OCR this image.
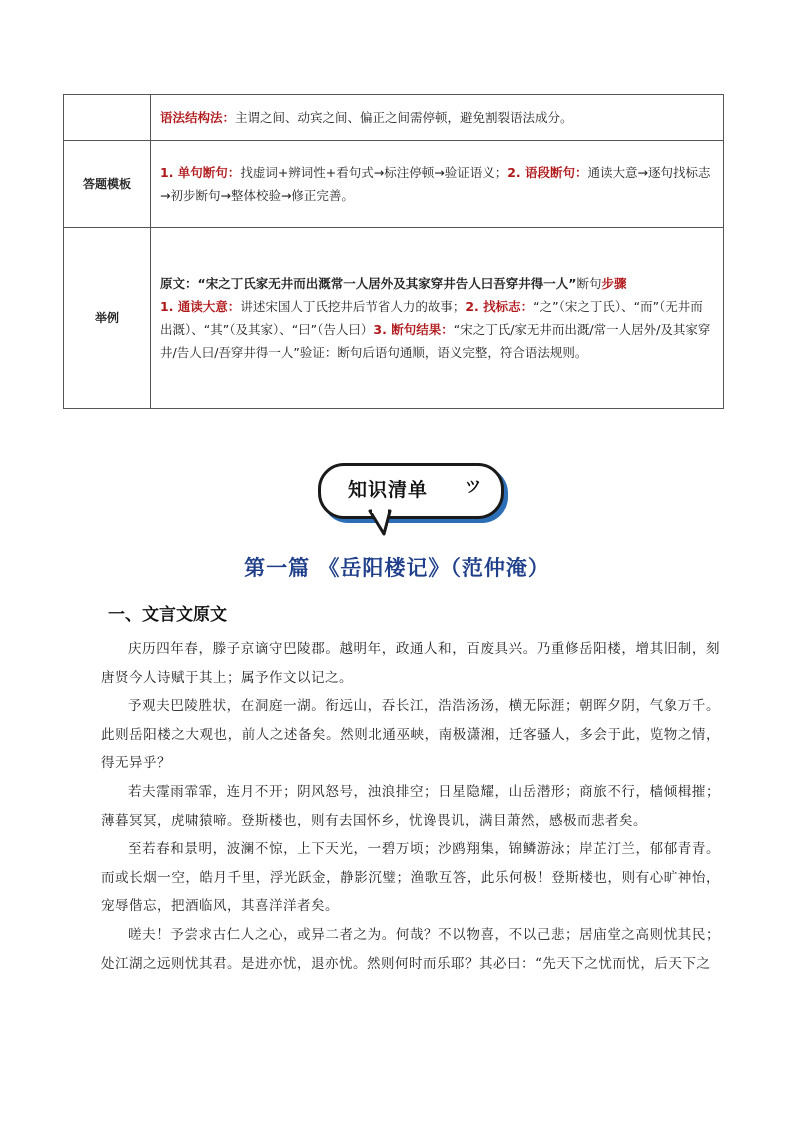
	语法结构法：主谓之间、动宾之间、偏正之间需停顿，避免割裂语法成分。
答题模板	1. 单句断句：找虚词+辨词性+看句式→标注停顿→验证语义；2. 语段断句：通读大意→逐句找标志→初步断句→整体校验→修正完善。
举例	原文：“宋之丁氏家无井而出溉常一人居外及其家穿井告人曰吾穿井得一人”断句步骤
1. 通读大意：讲述宋国人丁氏挖井后节省人力的故事；2. 找标志：“之”（宋之丁氏）、“而”（无井而出溉）、“其”（及其家）、“曰”（告人曰）3. 断句结果：“宋之丁氏/家无井而出溉/常一人居外/及其家穿井/告人曰/吾穿井得一人”验证：断句后语句通顺，语义完整，符合语法规则。
知识清单 ツ
第一篇 《岳阳楼记》（范仲淹）
一、文言文原文

庆历四年春，滕子京谪守巴陵郡。越明年，政通人和，百废具兴。乃重修岳阳楼，增其旧制，刻唐贤今人诗赋于其上；属予作文以记之。

予观夫巴陵胜状，在洞庭一湖。衔远山，吞长江，浩浩汤汤，横无际涯；朝晖夕阴，气象万千。此则岳阳楼之大观也，前人之述备矣。然则北通巫峡，南极潇湘，迁客骚人，多会于此，览物之情，得无异乎？

若夫霪雨霏霏，连月不开；阴风怒号，浊浪排空；日星隐耀，山岳潜形；商旅不行，樯倾楫摧；薄暮冥冥，虎啸猿啼。登斯楼也，则有去国怀乡，忧谗畏讥，满目萧然，感极而悲者矣。

至若春和景明，波澜不惊，上下天光，一碧万顷；沙鸥翔集，锦鳞游泳；岸芷汀兰，郁郁青青。而或长烟一空，皓月千里，浮光跃金，静影沉璧；渔歌互答，此乐何极！登斯楼也，则有心旷神怡，宠辱偕忘，把酒临风，其喜洋洋者矣。

嗟夫！予尝求古仁人之心，或异二者之为。何哉？不以物喜，不以己悲；居庙堂之高则忧其民；处江湖之远则忧其君。是进亦忧，退亦忧。然则何时而乐耶？其必曰：“先天下之忧而忧，后天下之
